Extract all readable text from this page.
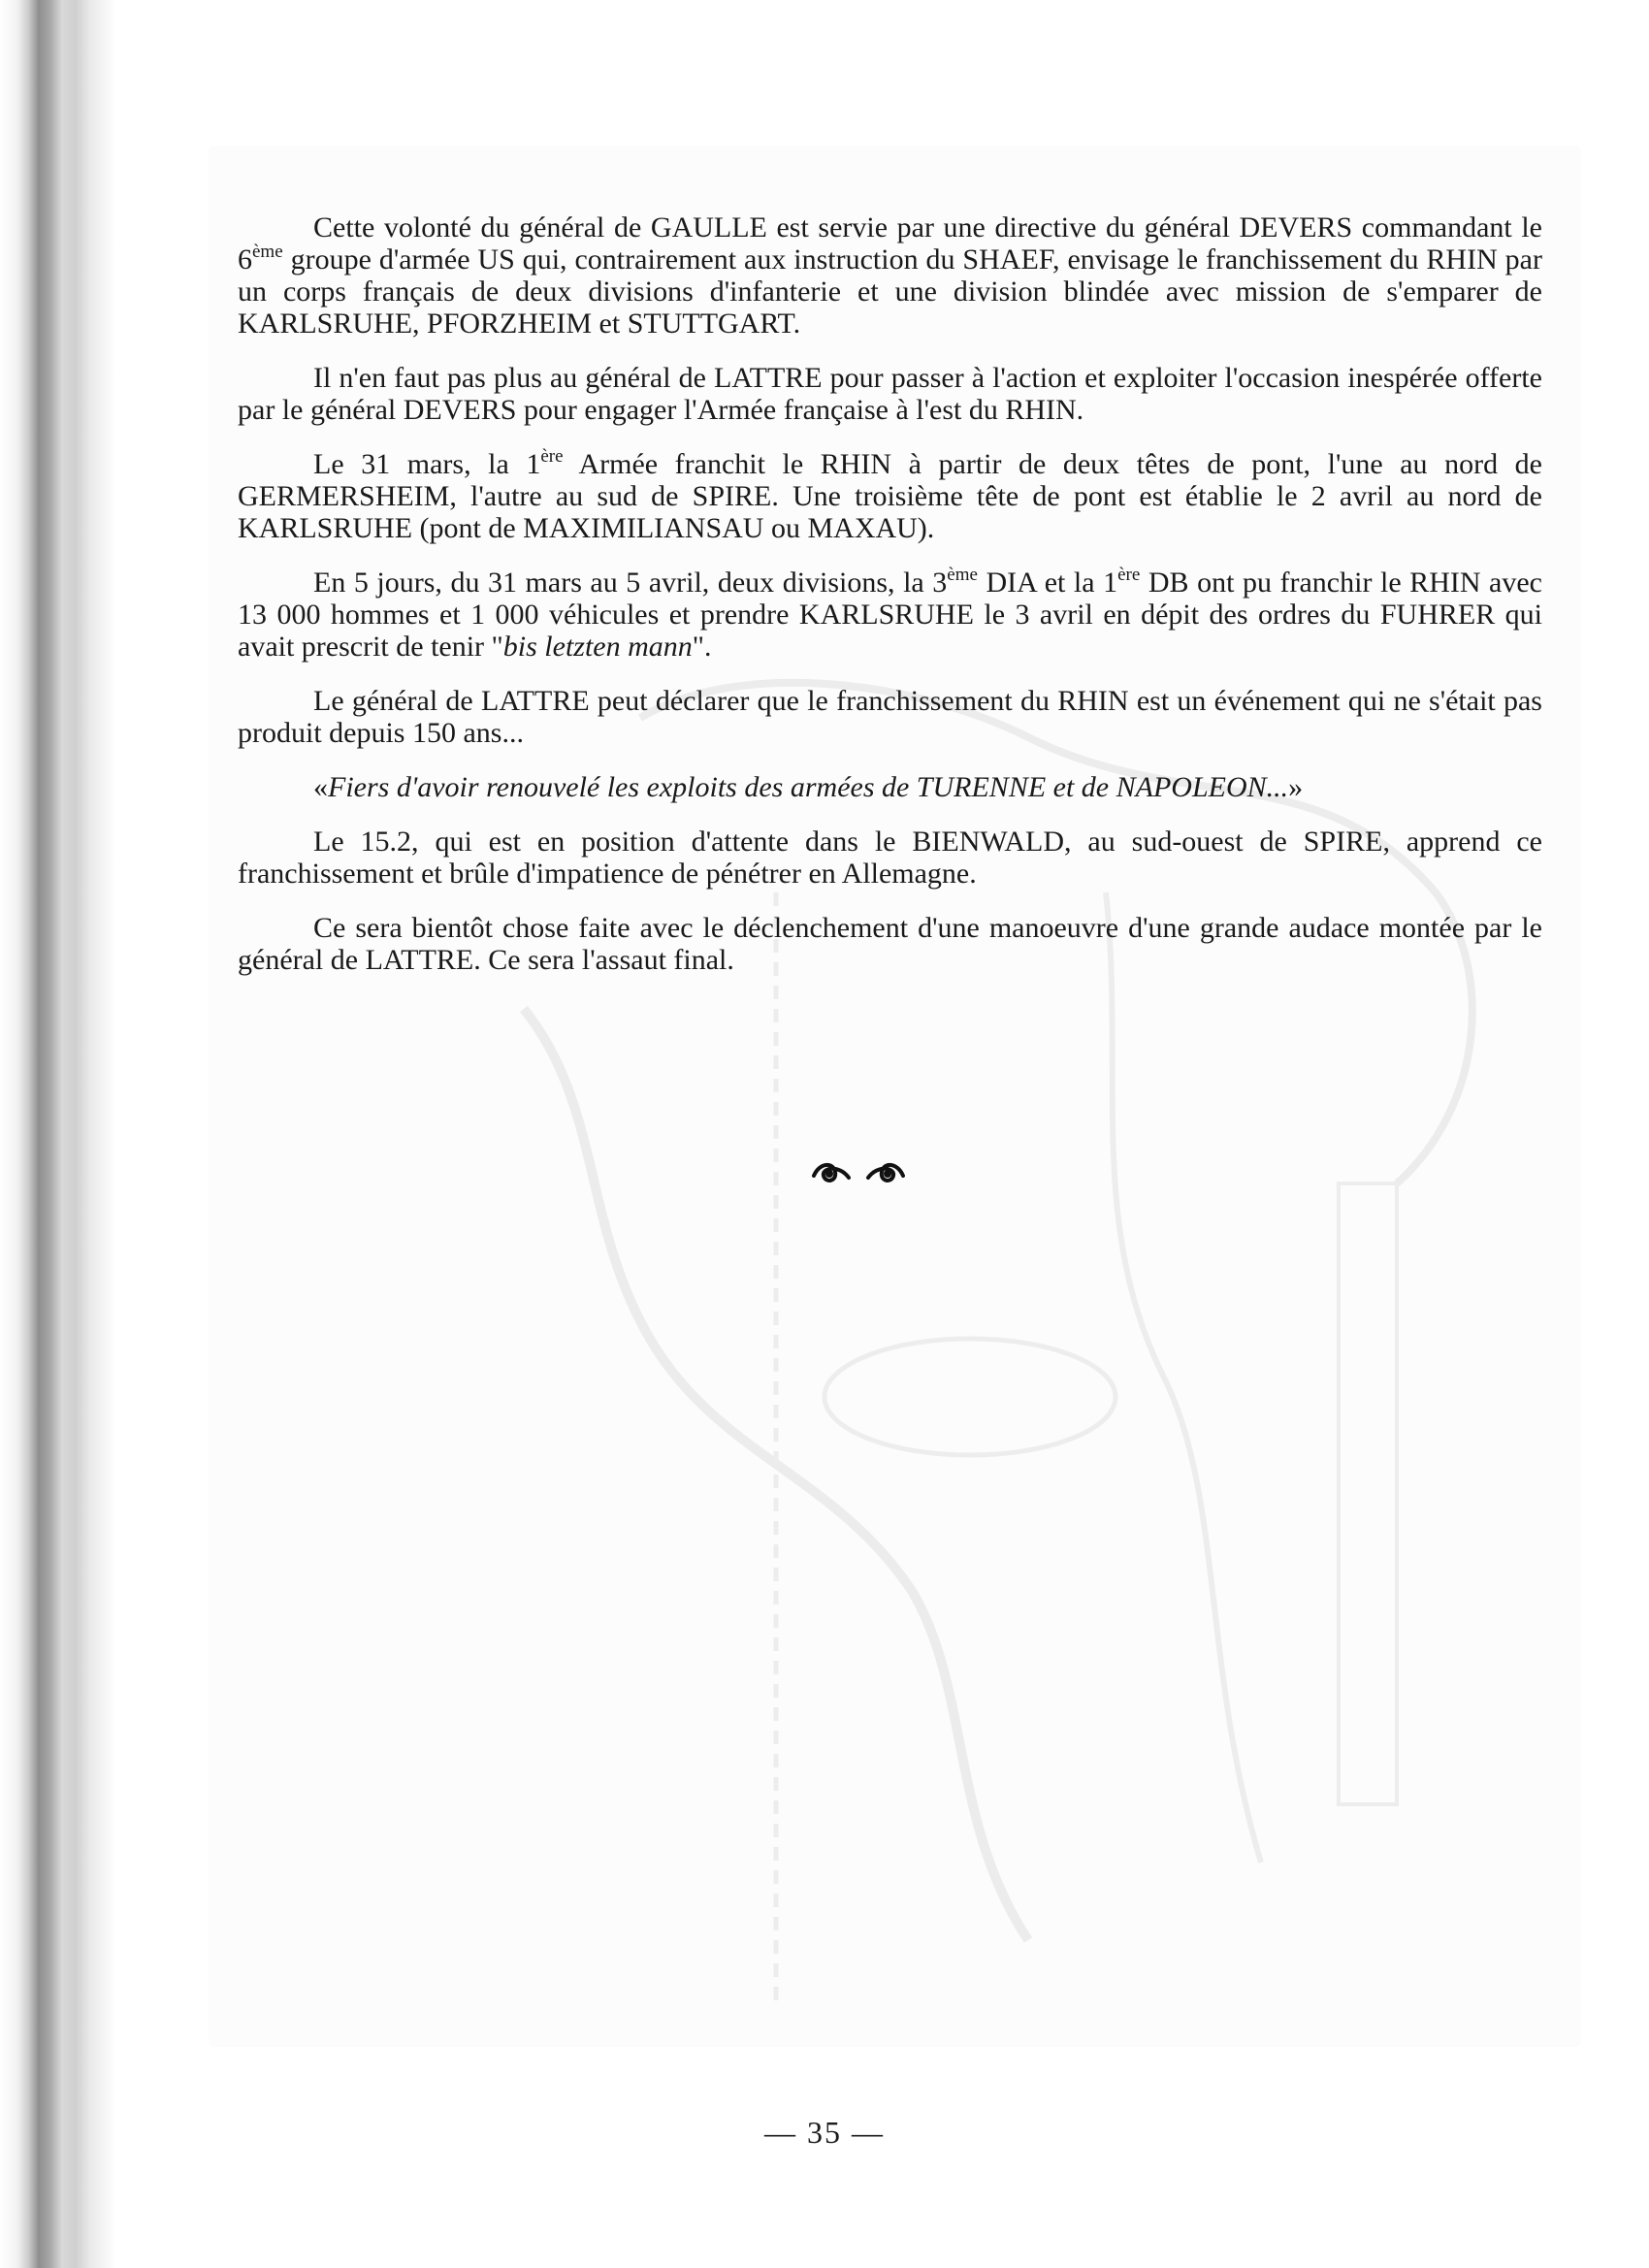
Cette volonté du général de GAULLE est servie par une directive du général DEVERS commandant le 6ème groupe d'armée US qui, contrairement aux instruction du SHAEF, envisage le franchissement du RHIN par un corps français de deux divisions d'infanterie et une division blindée avec mission de s'emparer de KARLSRUHE, PFORZHEIM et STUTTGART.

Il n'en faut pas plus au général de LATTRE pour passer à l'action et exploiter l'occasion inespérée offerte par le général DEVERS pour engager l'Armée française à l'est du RHIN.

Le 31 mars, la 1ère Armée franchit le RHIN à partir de deux têtes de pont, l'une au nord de GERMERSHEIM, l'autre au sud de SPIRE. Une troisième tête de pont est établie le 2 avril au nord de KARLSRUHE (pont de MAXIMILIANSAU ou MAXAU).

En 5 jours, du 31 mars au 5 avril, deux divisions, la 3ème DIA et la 1ère DB ont pu franchir le RHIN avec 13 000 hommes et 1 000 véhicules et prendre KARLSRUHE le 3 avril en dépit des ordres du FUHRER qui avait prescrit de tenir "bis letzten mann".

Le général de LATTRE peut déclarer que le franchissement du RHIN est un événement qui ne s'était pas produit depuis 150 ans...

«Fiers d'avoir renouvelé les exploits des armées de TURENNE et de NAPOLEON...»

Le 15.2, qui est en position d'attente dans le BIENWALD, au sud-ouest de SPIRE, apprend ce franchissement et brûle d'impatience de pénétrer en Allemagne.

Ce sera bientôt chose faite avec le déclenchement d'une manoeuvre d'une grande audace montée par le général de LATTRE. Ce sera l'assaut final.

— 35 —
